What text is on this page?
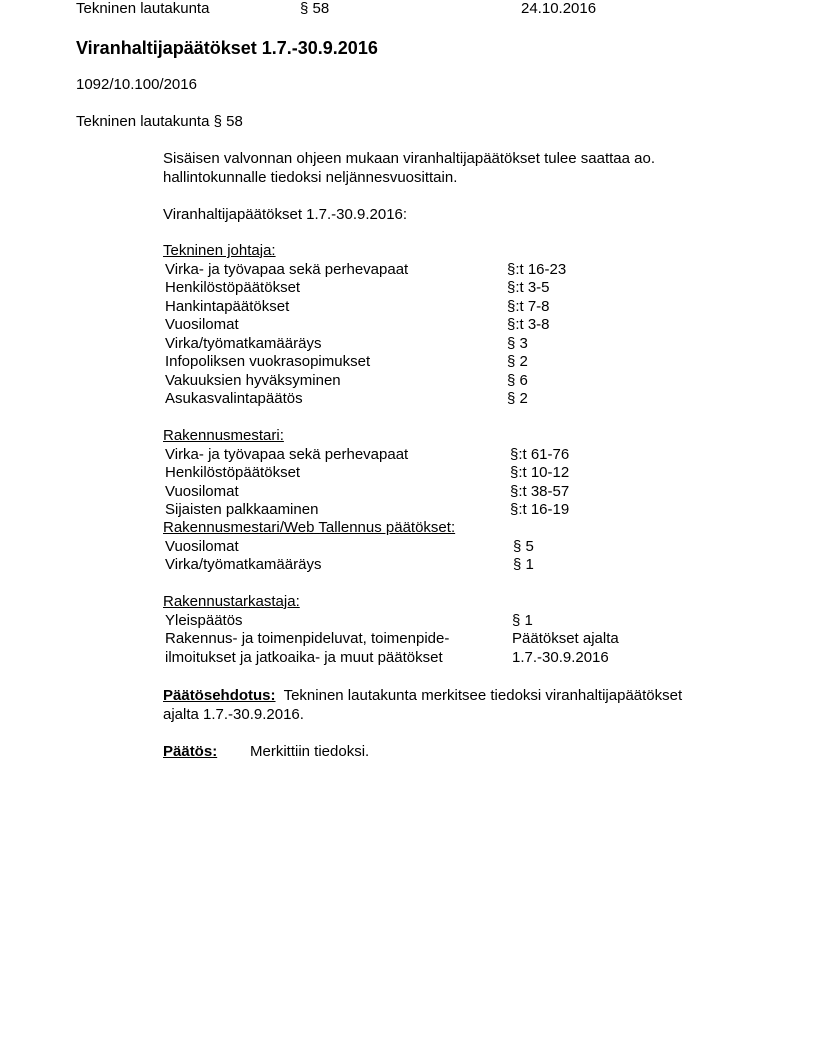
Tekninen lautakunta	§ 58	24.10.2016
Viranhaltijapäätökset 1.7.-30.9.2016
1092/10.100/2016
Tekninen lautakunta § 58
Sisäisen valvonnan ohjeen mukaan viranhaltijapäätökset tulee saattaa ao.
hallintokunnalle tiedoksi neljännesvuosittain.
Viranhaltijapäätökset 1.7.-30.9.2016:
Tekninen johtaja:
Virka- ja työvapaa sekä perhevapaat	§:t 16-23
Henkilöstöpäätökset	§:t 3-5
Hankintapäätökset	§:t 7-8
Vuosilomat	§:t 3-8
Virka/työmatkamääräys	§ 3
Infopoliksen vuokrasopimukset	§ 2
Vakuuksien hyväksyminen	§ 6
Asukasvalintapäätös	§ 2
Rakennusmestari:
Virka- ja työvapaa sekä perhevapaat	§:t 61-76
Henkilöstöpäätökset	§:t 10-12
Vuosilomat	§:t 38-57
Sijaisten palkkaaminen	§:t 16-19
Rakennusmestari/Web Tallennus päätökset:
Vuosilomat	§ 5
Virka/työmatkamääräys	§ 1
Rakennustarkastaja:
Yleispäätös	§ 1
Rakennus- ja toimenpideluvat, toimenpide-	Päätökset ajalta
ilmoitukset ja jatkoaika- ja muut päätökset	1.7.-30.9.2016
Päätösehdotus: Tekninen lautakunta merkitsee tiedoksi viranhaltijapäätökset
ajalta 1.7.-30.9.2016.
Päätös: Merkittiin tiedoksi.
